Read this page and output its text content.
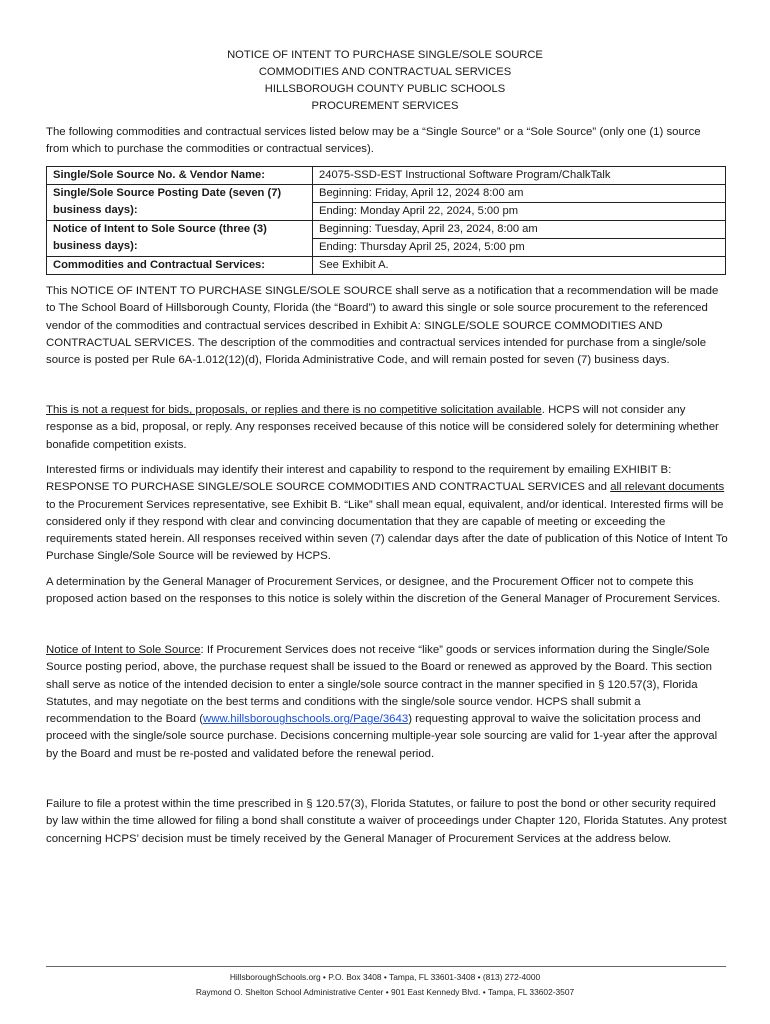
NOTICE OF INTENT TO PURCHASE SINGLE/SOLE SOURCE
COMMODITIES AND CONTRACTUAL SERVICES
HILLSBOROUGH COUNTY PUBLIC SCHOOLS
PROCUREMENT SERVICES
The following commodities and contractual services listed below may be a “Single Source” or a “Sole Source” (only one (1) source from which to purchase the commodities or contractual services).
Single/Sole Source No. & Vendor Name:	24075-SSD-EST Instructional Software Program/ChalkTalk
Single/Sole Source Posting Date (seven (7) business days):	Beginning: Friday, April 12, 2024 8:00 am
	Ending: Monday April 22, 2024, 5:00 pm
Notice of Intent to Sole Source (three (3) business days):	Beginning: Tuesday, April 23, 2024, 8:00 am
	Ending: Thursday April 25, 2024, 5:00 pm
Commodities and Contractual Services:	See Exhibit A.

This NOTICE OF INTENT TO PURCHASE SINGLE/SOLE SOURCE shall serve as a notification that a recommendation will be made to The School Board of Hillsborough County, Florida (the “Board”) to award this single or sole source procurement to the referenced vendor of the commodities and contractual services described in Exhibit A: SINGLE/SOLE SOURCE COMMODITIES AND CONTRACTUAL SERVICES. The description of the commodities and contractual services intended for purchase from a single/sole source is posted per Rule 6A-1.012(12)(d), Florida Administrative Code, and will remain posted for seven (7) business days.

This is not a request for bids, proposals, or replies and there is no competitive solicitation available. HCPS will not consider any response as a bid, proposal, or reply. Any responses received because of this notice will be considered solely for determining whether bonafide competition exists.

Interested firms or individuals may identify their interest and capability to respond to the requirement by emailing EXHIBIT B: RESPONSE TO PURCHASE SINGLE/SOLE SOURCE COMMODITIES AND CONTRACTUAL SERVICES and all relevant documents to the Procurement Services representative, see Exhibit B. “Like” shall mean equal, equivalent, and/or identical. Interested firms will be considered only if they respond with clear and convincing documentation that they are capable of meeting or exceeding the requirements stated herein. All responses received within seven (7) calendar days after the date of publication of this Notice of Intent To Purchase Single/Sole Source will be reviewed by HCPS.

A determination by the General Manager of Procurement Services, or designee, and the Procurement Officer not to compete this proposed action based on the responses to this notice is solely within the discretion of the General Manager of Procurement Services.

Notice of Intent to Sole Source: If Procurement Services does not receive “like” goods or services information during the Single/Sole Source posting period, above, the purchase request shall be issued to the Board or renewed as approved by the Board. This section shall serve as notice of the intended decision to enter a single/sole source contract in the manner specified in § 120.57(3), Florida Statutes, and may negotiate on the best terms and conditions with the single/sole source vendor. HCPS shall submit a recommendation to the Board (www.hillsboroughschools.org/Page/3643) requesting approval to waive the solicitation process and proceed with the single/sole source purchase. Decisions concerning multiple-year sole sourcing are valid for 1-year after the approval by the Board and must be re-posted and validated before the renewal period.

Failure to file a protest within the time prescribed in § 120.57(3), Florida Statutes, or failure to post the bond or other security required by law within the time allowed for filing a bond shall constitute a waiver of proceedings under Chapter 120, Florida Statutes. Any protest concerning HCPS’ decision must be timely received by the General Manager of Procurement Services at the address below.

HillsboroughSchools.org • P.O. Box 3408 • Tampa, FL 33601-3408 • (813) 272-4000
Raymond O. Shelton School Administrative Center • 901 East Kennedy Blvd. • Tampa, FL 33602-3507
